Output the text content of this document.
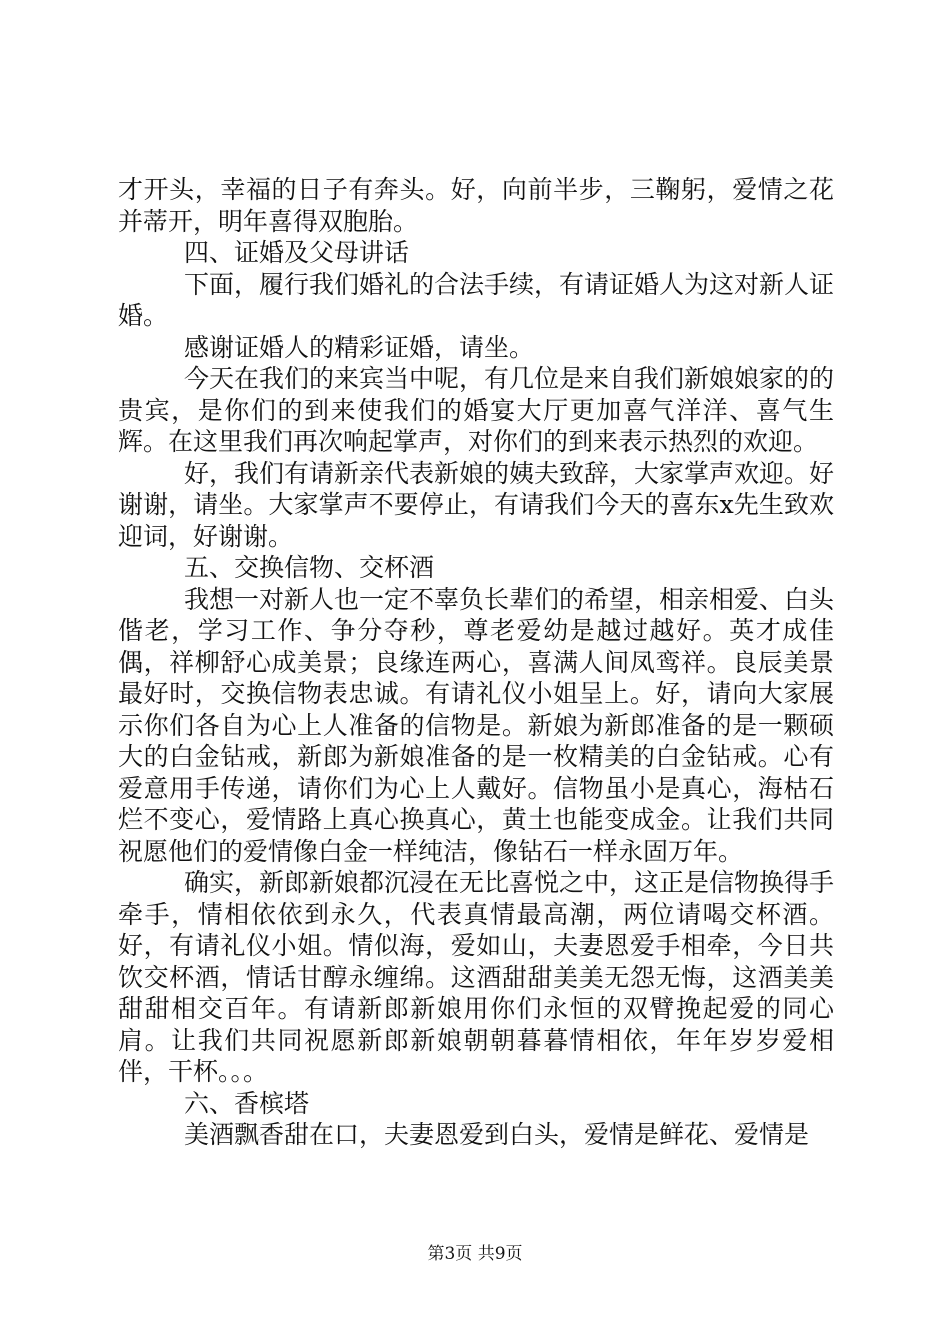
才开头，幸福的日子有奔头。好，向前半步，三鞠躬，爱情之花并蒂开，明年喜得双胞胎。

四、证婚及父母讲话

下面，履行我们婚礼的合法手续，有请证婚人为这对新人证婚。

感谢证婚人的精彩证婚，请坐。

今天在我们的来宾当中呢，有几位是来自我们新娘娘家的的贵宾，是你们的到来使我们的婚宴大厅更加喜气洋洋、喜气生辉。在这里我们再次响起掌声，对你们的到来表示热烈的欢迎。

好，我们有请新亲代表新娘的姨夫致辞，大家掌声欢迎。好谢谢，请坐。大家掌声不要停止，有请我们今天的喜东x先生致欢迎词，好谢谢。

五、交换信物、交杯酒

我想一对新人也一定不辜负长辈们的希望，相亲相爱、白头偕老，学习工作、争分夺秒，尊老爱幼是越过越好。英才成佳偶，祥柳舒心成美景；良缘连两心，喜满人间凤鸾祥。良辰美景最好时，交换信物表忠诚。有请礼仪小姐呈上。好，请向大家展示你们各自为心上人准备的信物是。新娘为新郎准备的是一颗硕大的白金钻戒，新郎为新娘准备的是一枚精美的白金钻戒。心有爱意用手传递，请你们为心上人戴好。信物虽小是真心，海枯石烂不变心，爱情路上真心换真心，黄土也能变成金。让我们共同祝愿他们的爱情像白金一样纯洁，像钻石一样永固万年。

确实，新郎新娘都沉浸在无比喜悦之中，这正是信物换得手牵手，情相依依到永久，代表真情最高潮，两位请喝交杯酒。好，有请礼仪小姐。情似海，爱如山，夫妻恩爱手相牵，今日共饮交杯酒，情话甘醇永缠绵。这酒甜甜美美无怨无悔，这酒美美甜甜相交百年。有请新郎新娘用你们永恒的双臂挽起爱的同心肩。让我们共同祝愿新郎新娘朝朝暮暮情相依，年年岁岁爱相伴，干杯。。。

六、香槟塔

美酒飘香甜在口，夫妻恩爱到白头，爱情是鲜花、爱情是

第3页 共9页
